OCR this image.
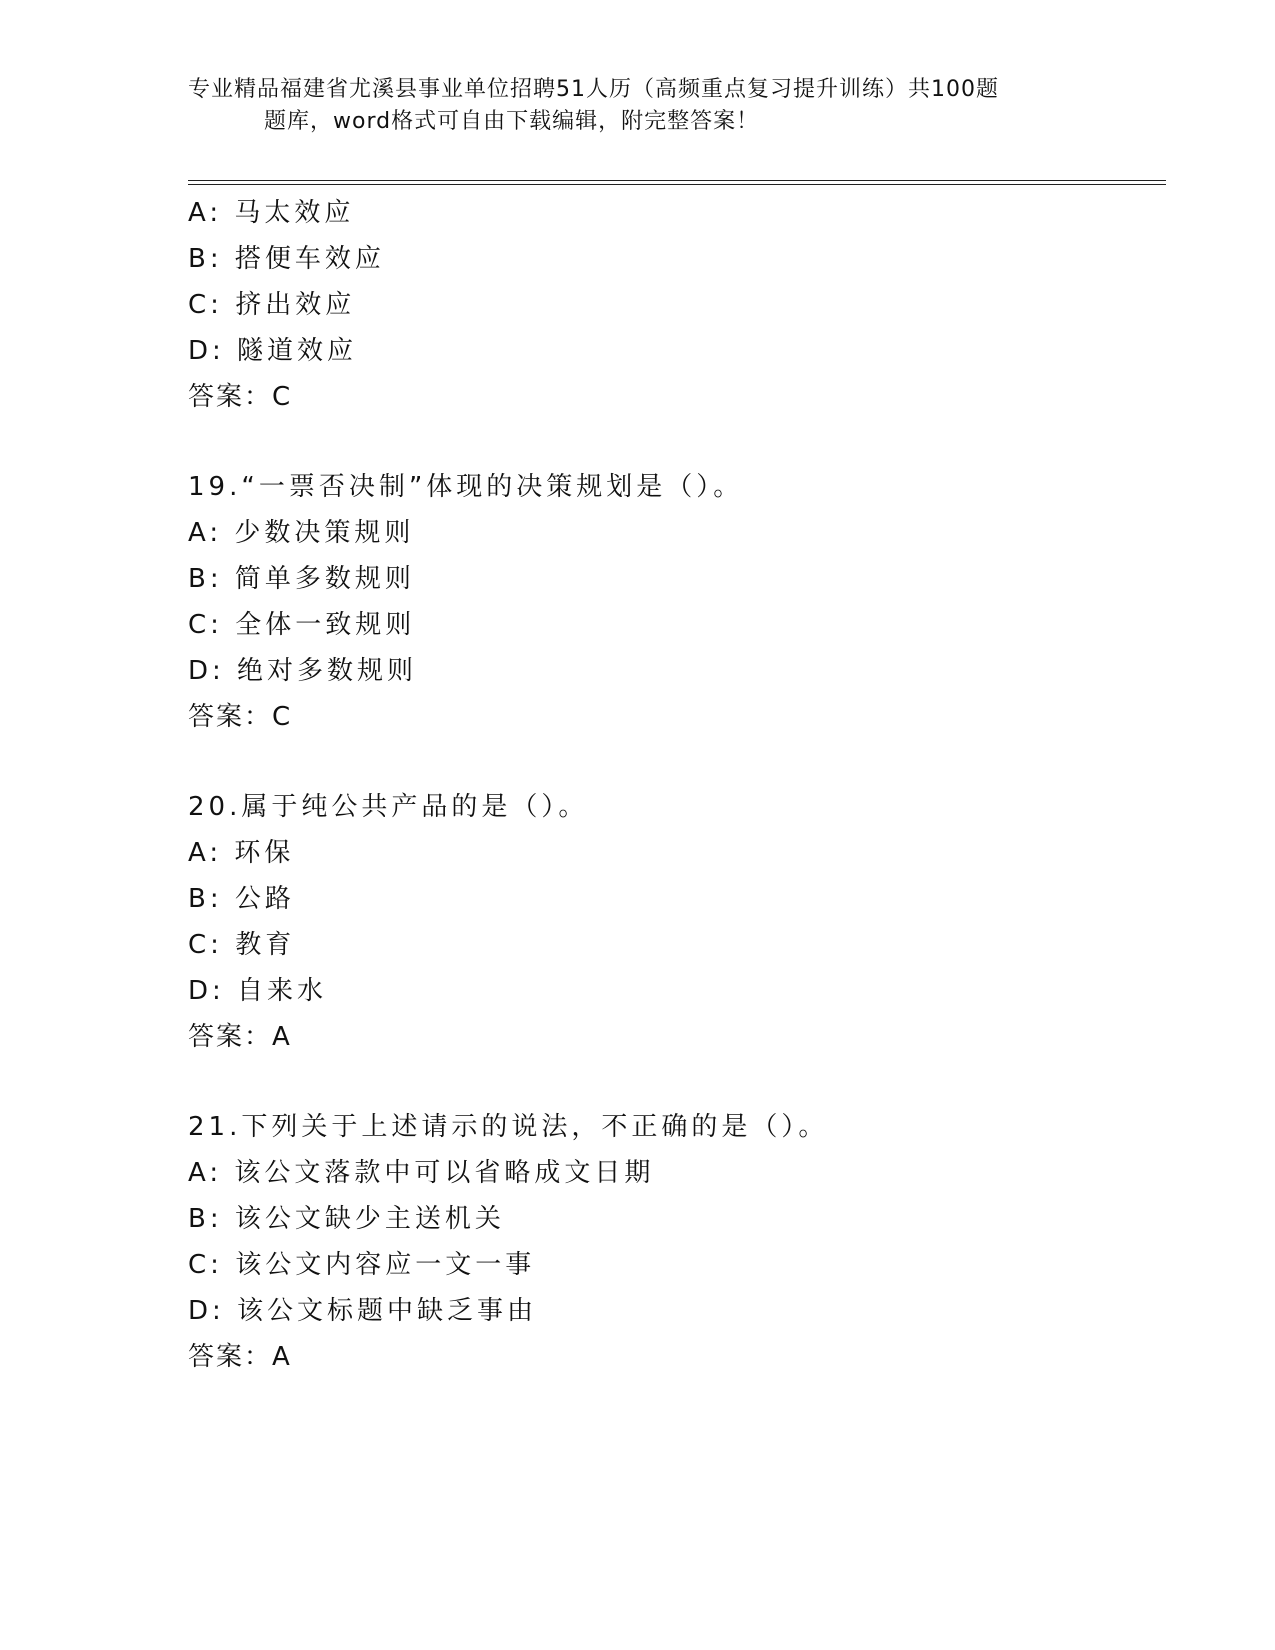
专业精品福建省尤溪县事业单位招聘51人历（高频重点复习提升训练）共100题
题库，word格式可自由下载编辑，附完整答案！
A: 马太效应
B: 搭便车效应
C: 挤出效应
D: 隧道效应
答案：C
19.“一票否决制”体现的决策规划是（）。
A: 少数决策规则
B: 简单多数规则
C: 全体一致规则
D: 绝对多数规则
答案：C
20.属于纯公共产品的是（）。
A: 环保
B: 公路
C: 教育
D: 自来水
答案：A
21.下列关于上述请示的说法，不正确的是（）。
A: 该公文落款中可以省略成文日期
B: 该公文缺少主送机关
C: 该公文内容应一文一事
D: 该公文标题中缺乏事由
答案：A
